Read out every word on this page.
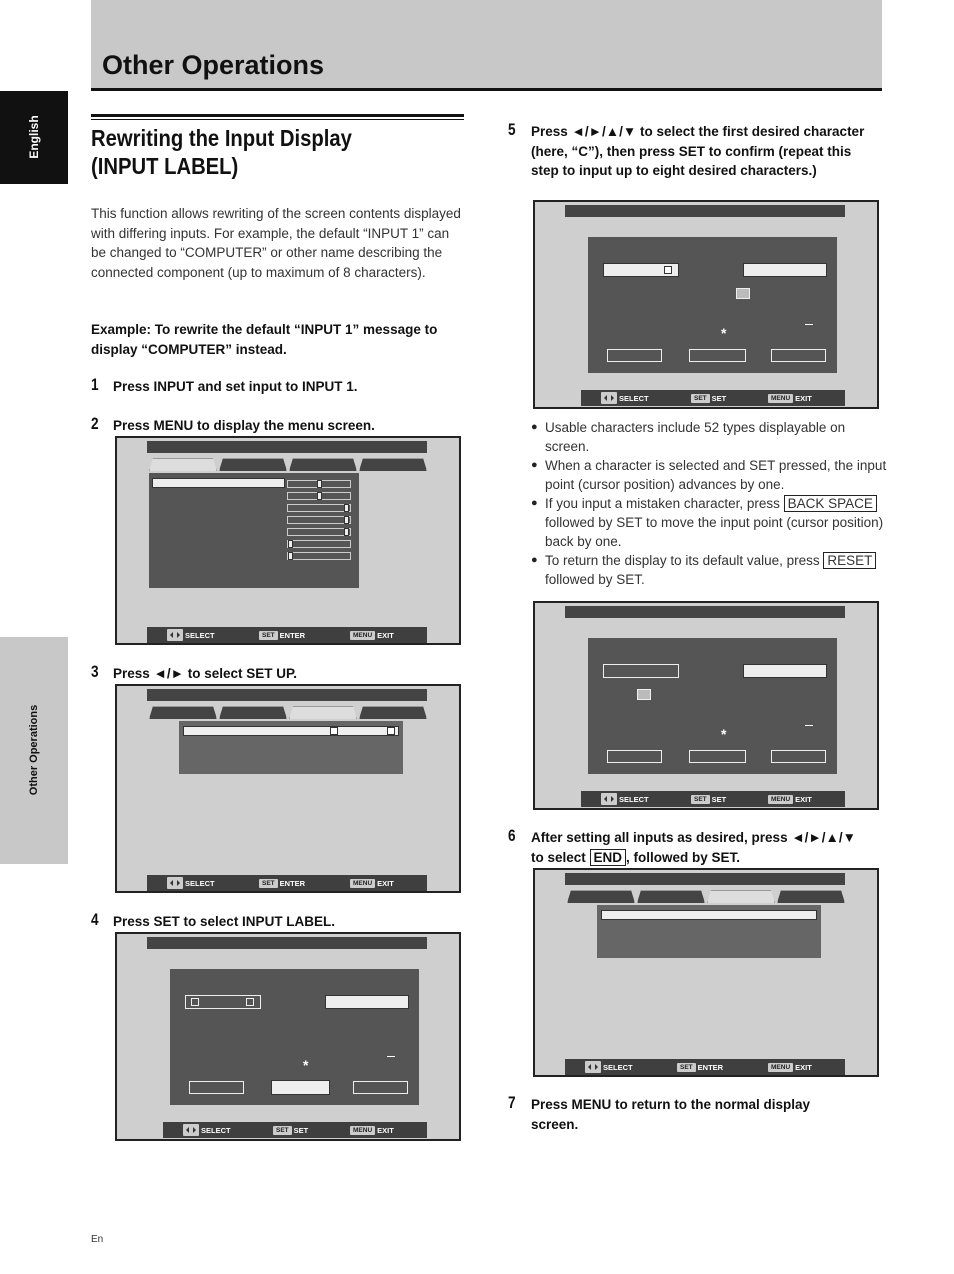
Other Operations
English
Other Operations
Rewriting the Input Display
(INPUT LABEL)
This function allows rewriting of the screen contents displayed with differing inputs. For example, the default “INPUT 1” can be changed to “COMPUTER” or other name describing the connected component (up to maximum of 8 characters).
Example: To rewrite the default “INPUT 1” message to display “COMPUTER” instead.
1 Press INPUT and set input to INPUT 1.
2 Press MENU to display the menu screen.
SELECT	SET ENTER	MENU EXIT
3 Press ◄/► to select SET UP.
SELECT	SET ENTER	MENU EXIT
4 Press SET to select INPUT LABEL.
*
SELECT	SET SET	MENU EXIT
5 Press ◄/►/▲/▼ to select the first desired character (here, “C”), then press SET to confirm (repeat this step to input up to eight desired characters.)
*
SELECT	SET SET	MENU EXIT
● Usable characters include 52 types displayable on screen.
● When a character is selected and SET pressed, the input point (cursor position) advances by one.
● If you input a mistaken character, press BACK SPACE followed by SET to move the input point (cursor position) back by one.
● To return the display to its default value, press RESET followed by SET.
*
SELECT	SET SET	MENU EXIT
6 After setting all inputs as desired, press ◄/►/▲/▼
to select END , followed by SET.
SELECT	SET ENTER	MENU EXIT
7 Press MENU to return to the normal display screen.
En
